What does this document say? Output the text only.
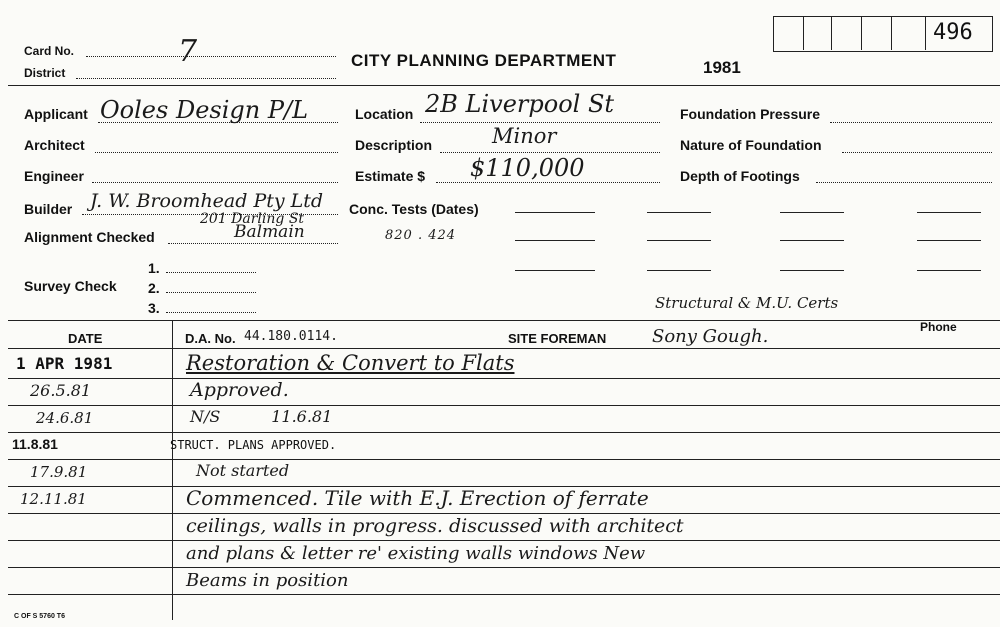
Card No.	7
District
CITY PLANNING DEPARTMENT	1981
496
Applicant Ooles Design P/L
Architect
Engineer
Builder J. W. Broomhead Pty Ltd
201 Darling St
Alignment Checked	Balmain	820 . 424
Survey Check
1.
2.
3.
Location 2B Liverpool St
Description	Minor
Estimate $ $110,000
Conc. Tests (Dates)
Foundation Pressure
Nature of Foundation
Depth of Footings
Structural & M.U. Certs
DATE	D.A. No. 44.180.0114.	SITE FOREMAN	Sony Gough.	Phone
1 APR 1981	Restoration & Convert to Flats
26.5.81	Approved.
24.6.81	N/S          11.6.81
11.8.81	STRUCT. PLANS APPROVED.
17.9.81	Not started
12.11.81	Commenced. Tile with E.J. Erection of ferrate
ceilings, walls in progress. discussed with architect
and plans & letter re' existing walls windows New
Beams in position
C OF S 5760 T6
